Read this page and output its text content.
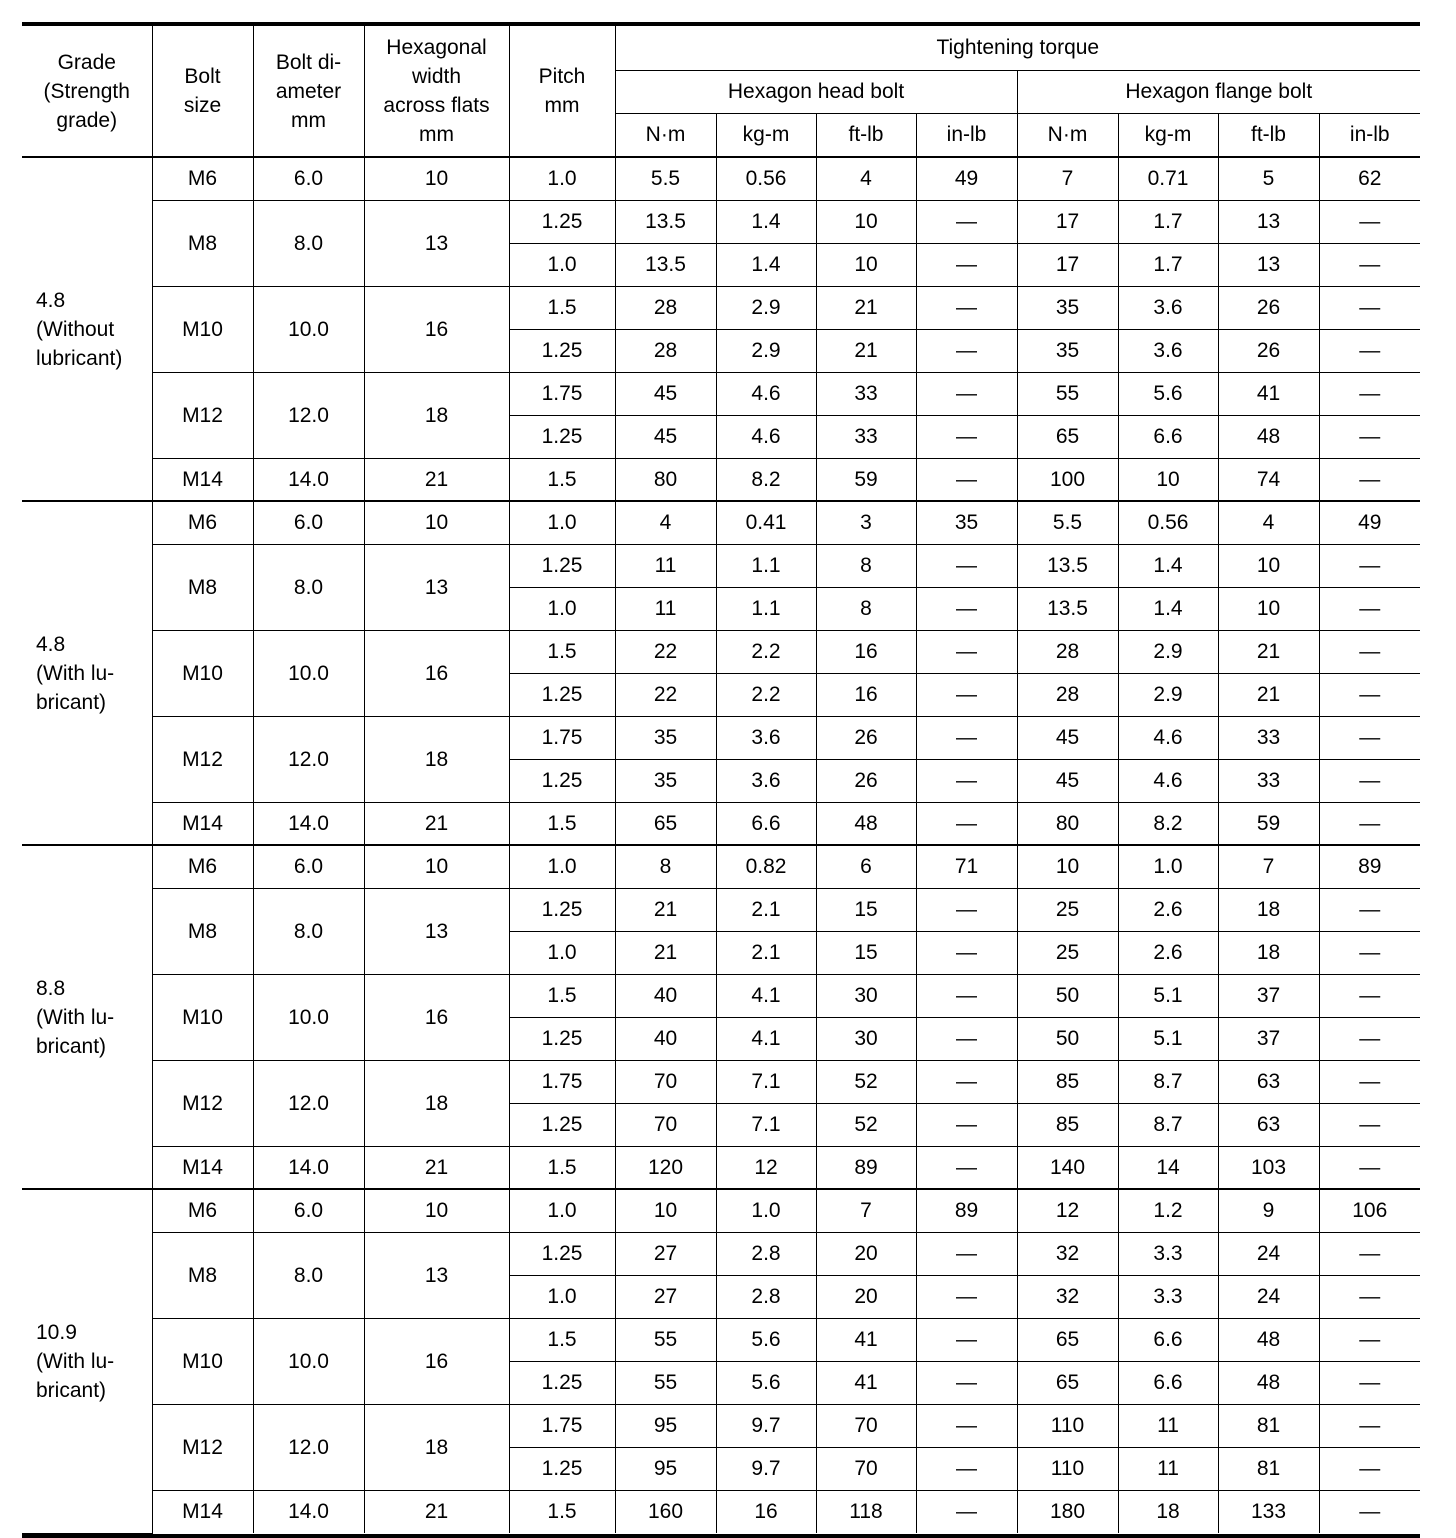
Grade
(Strength
grade)	Bolt
size	Bolt di-
ameter
mm	Hexagonal
width
across flats
mm	Pitch
mm	Tightening torque							
					Hexagon head bolt				Hexagon flange bolt			
					N·m	kg-m	ft-lb	in-lb	N·m	kg-m	ft-lb	in-lb

4.8
(Without
lubricant)	M6	6.0	10	1.0	5.5	0.56	4	49	7	0.71	5	62
	M8	8.0	13	1.25	13.5	1.4	10	—	17	1.7	13	—
				1.0	13.5	1.4	10	—	17	1.7	13	—
	M10	10.0	16	1.5	28	2.9	21	—	35	3.6	26	—
				1.25	28	2.9	21	—	35	3.6	26	—
	M12	12.0	18	1.75	45	4.6	33	—	55	5.6	41	—
				1.25	45	4.6	33	—	65	6.6	48	—
	M14	14.0	21	1.5	80	8.2	59	—	100	10	74	—

4.8
(With lu-
bricant)	M6	6.0	10	1.0	4	0.41	3	35	5.5	0.56	4	49
	M8	8.0	13	1.25	11	1.1	8	—	13.5	1.4	10	—
				1.0	11	1.1	8	—	13.5	1.4	10	—
	M10	10.0	16	1.5	22	2.2	16	—	28	2.9	21	—
				1.25	22	2.2	16	—	28	2.9	21	—
	M12	12.0	18	1.75	35	3.6	26	—	45	4.6	33	—
				1.25	35	3.6	26	—	45	4.6	33	—
	M14	14.0	21	1.5	65	6.6	48	—	80	8.2	59	—

8.8
(With lu-
bricant)	M6	6.0	10	1.0	8	0.82	6	71	10	1.0	7	89
	M8	8.0	13	1.25	21	2.1	15	—	25	2.6	18	—
				1.0	21	2.1	15	—	25	2.6	18	—
	M10	10.0	16	1.5	40	4.1	30	—	50	5.1	37	—
				1.25	40	4.1	30	—	50	5.1	37	—
	M12	12.0	18	1.75	70	7.1	52	—	85	8.7	63	—
				1.25	70	7.1	52	—	85	8.7	63	—
	M14	14.0	21	1.5	120	12	89	—	140	14	103	—

10.9
(With lu-
bricant)	M6	6.0	10	1.0	10	1.0	7	89	12	1.2	9	106
	M8	8.0	13	1.25	27	2.8	20	—	32	3.3	24	—
				1.0	27	2.8	20	—	32	3.3	24	—
	M10	10.0	16	1.5	55	5.6	41	—	65	6.6	48	—
				1.25	55	5.6	41	—	65	6.6	48	—
	M12	12.0	18	1.75	95	9.7	70	—	110	11	81	—
				1.25	95	9.7	70	—	110	11	81	—
	M14	14.0	21	1.5	160	16	118	—	180	18	133	—
